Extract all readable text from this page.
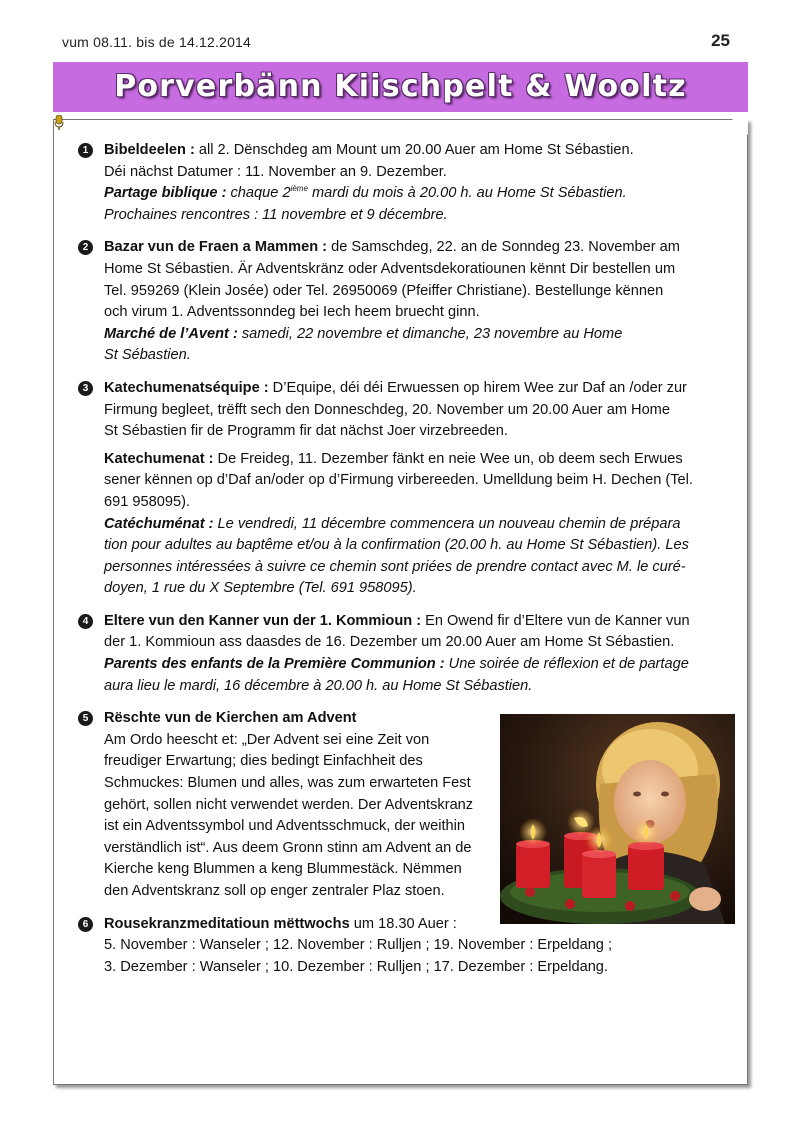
vum 08.11. bis de 14.12.2014	25
Porverbänn Kiischpelt & Wooltz
1	Bibeldeelen : all 2. Dënschdeg am Mount um 20.00 Auer am Home St Sébastien.
Déi nächst Datumer : 11. November an 9. Dezember.
Partage biblique : chaque 2ième mardi du mois à 20.00 h. au Home St Sébastien.
Prochaines rencontres : 11 novembre et 9 décembre.
2	Bazar vun de Fraen a Mammen : de Samschdeg, 22. an de Sonndeg 23. November am
Home St Sébastien. Är Adventskränz oder Adventsdekoratiounen kënnt Dir bestellen um
Tel. 959269 (Klein Josée) oder Tel. 26950069 (Pfeiffer Christiane). Bestellunge kënnen
och virum 1. Adventssonndeg bei Iech heem bruecht ginn.
Marché de l’Avent : samedi, 22 novembre et dimanche, 23 novembre au Home
St Sébastien.
3	Katechumenatséquipe : D’Equipe, déi déi Erwuessen op hirem Wee zur Daf an /oder zur
Firmung begleet, trëfft sech den Donneschdeg, 20. November um 20.00 Auer am Home
St Sébastien fir de Programm fir dat nächst Joer virzebreeden.
Katechumenat : De Freideg, 11. Dezember fänkt en neie Wee un, ob deem sech Erwues
sener kënnen op d’Daf an/oder op d’Firmung virbereeden. Umelldung beim H. Dechen (Tel.
691 958095).
Catéchuménat : Le vendredi, 11 décembre commencera un nouveau chemin de prépara
tion pour adultes au baptême et/ou à la confirmation (20.00 h. au Home St Sébastien). Les
personnes intéressées à suivre ce chemin sont priées de prendre contact avec M. le curé-
doyen, 1 rue du X Septembre (Tel. 691 958095).
4	Eltere vun den Kanner vun der 1. Kommioun : En Owend fir d’Eltere vun de Kanner vun
der 1. Kommioun ass daasdes de 16. Dezember um 20.00 Auer am Home St Sébastien.
Parents des enfants de la Première Communion : Une soirée de réflexion et de partage
aura lieu le mardi, 16 décembre à 20.00 h. au Home St Sébastien.
5	Rëschte vun de Kierchen am Advent
Am Ordo heescht et: „Der Advent sei eine Zeit von
freudiger Erwartung; dies bedingt Einfachheit des
Schmuckes: Blumen und alles, was zum erwarteten Fest
gehört, sollen nicht verwendet werden. Der Adventskranz
ist ein Adventssymbol und Adventsschmuck, der weithin
verständlich ist“. Aus deem Gronn stinn am Advent an de
Kierche keng Blummen a keng Blummestäck. Nëmmen
den Adventskranz soll op enger zentraler Plaz stoen.
6	Rousekranzmeditatioun mëttwochs um 18.30 Auer :
5. November : Wanseler ; 12. November : Rulljen ; 19. November : Erpeldang ;
3. Dezember : Wanseler ; 10. Dezember : Rulljen ; 17. Dezember : Erpeldang.
